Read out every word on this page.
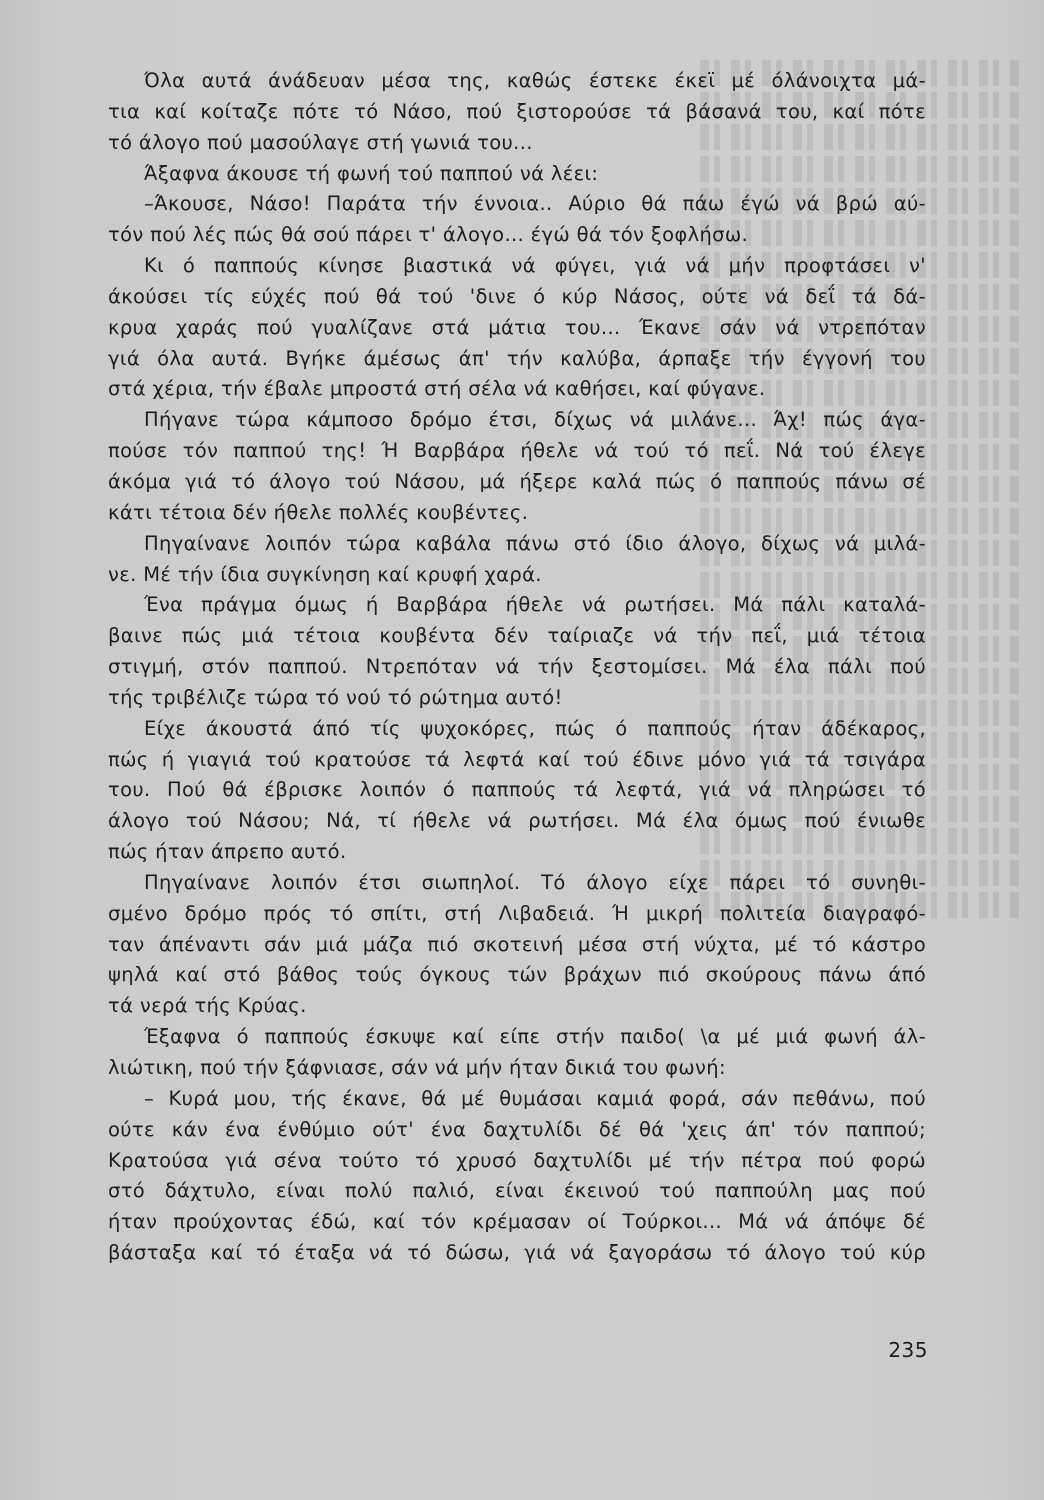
Όλα αυτά άνάδευαν μέσα της, καθώς έστεκε έκεϊ μέ όλάνοιχτα μά-
τια καί κοίταζε πότε τό Νάσο, πού ξιστορούσε τά βάσανά του, καί πότε
τό άλογο πού μασούλαγε στή γωνιά του...
Άξαφνα άκουσε τή φωνή τού παππού νά λέει:
–Άκουσε, Νάσο! Παράτα τήν έννοια.. Αύριο θά πάω έγώ νά βρώ αύ-
τόν πού λές πώς θά σού πάρει τ' άλογο... έγώ θά τόν ξοφλήσω.
Κι ό παππούς κίνησε βιαστικά νά φύγει, γιά νά μήν προφτάσει ν'
άκούσει τίς εύχές πού θά τού 'δινε ό κύρ Νάσος, ούτε νά δεΐ τά δά-
κρυα χαράς πού γυαλίζανε στά μάτια του... Έκανε σάν νά ντρεπόταν
γιά όλα αυτά. Βγήκε άμέσως άπ' τήν καλύβα, άρπαξε τήν έγγονή του
στά χέρια, τήν έβαλε μπροστά στή σέλα νά καθήσει, καί φύγανε.
Πήγανε τώρα κάμποσο δρόμο έτσι, δίχως νά μιλάνε... Άχ! πώς άγα-
πούσε τόν παππού της! Ή Βαρβάρα ήθελε νά τού τό πεΐ. Νά τού έλεγε
άκόμα γιά τό άλογο τού Νάσου, μά ήξερε καλά πώς ό παππούς πάνω σέ
κάτι τέτοια δέν ήθελε πολλές κουβέντες.
Πηγαίνανε λοιπόν τώρα καβάλα πάνω στό ίδιο άλογο, δίχως νά μιλά-
νε. Μέ τήν ίδια συγκίνηση καί κρυφή χαρά.
Ένα πράγμα όμως ή Βαρβάρα ήθελε νά ρωτήσει. Μά πάλι καταλά-
βαινε πώς μιά τέτοια κουβέντα δέν ταίριαζε νά τήν πεΐ, μιά τέτοια
στιγμή, στόν παππού. Ντρεπόταν νά τήν ξεστομίσει. Μά έλα πάλι πού
τής τριβέλιζε τώρα τό νού τό ρώτημα αυτό!
Είχε άκουστά άπό τίς ψυχοκόρες, πώς ό παππούς ήταν άδέκαρος,
πώς ή γιαγιά τού κρατούσε τά λεφτά καί τού έδινε μόνο γιά τά τσιγάρα
του. Πού θά έβρισκε λοιπόν ό παππούς τά λεφτά, γιά νά πληρώσει τό
άλογο τού Νάσου; Νά, τί ήθελε νά ρωτήσει. Μά έλα όμως πού ένιωθε
πώς ήταν άπρεπο αυτό.
Πηγαίνανε λοιπόν έτσι σιωπηλοί. Τό άλογο είχε πάρει τό συνηθι-
σμένο δρόμο πρός τό σπίτι, στή Λιβαδειά. Ή μικρή πολιτεία διαγραφό-
ταν άπέναντι σάν μιά μάζα πιό σκοτεινή μέσα στή νύχτα, μέ τό κάστρο
ψηλά καί στό βάθος τούς όγκους τών βράχων πιό σκούρους πάνω άπό
τά νερά τής Κρύας.
Έξαφνα ό παππούς έσκυψε καί είπε στήν παιδο( \α μέ μιά φωνή άλ-
λιώτικη, πού τήν ξάφνιασε, σάν νά μήν ήταν δικιά του φωνή:
– Κυρά μου, τής έκανε, θά μέ θυμάσαι καμιά φορά, σάν πεθάνω, πού
ούτε κάν ένα ένθύμιο ούτ' ένα δαχτυλίδι δέ θά 'χεις άπ' τόν παππού;
Κρατούσα γιά σένα τούτο τό χρυσό δαχτυλίδι μέ τήν πέτρα πού φορώ
στό δάχτυλο, είναι πολύ παλιό, είναι έκεινού τού παππούλη μας πού
ήταν προύχοντας έδώ, καί τόν κρέμασαν οί Τούρκοι... Μά νά άπόψε δέ
βάσταξα καί τό έταξα νά τό δώσω, γιά νά ξαγοράσω τό άλογο τού κύρ
235
